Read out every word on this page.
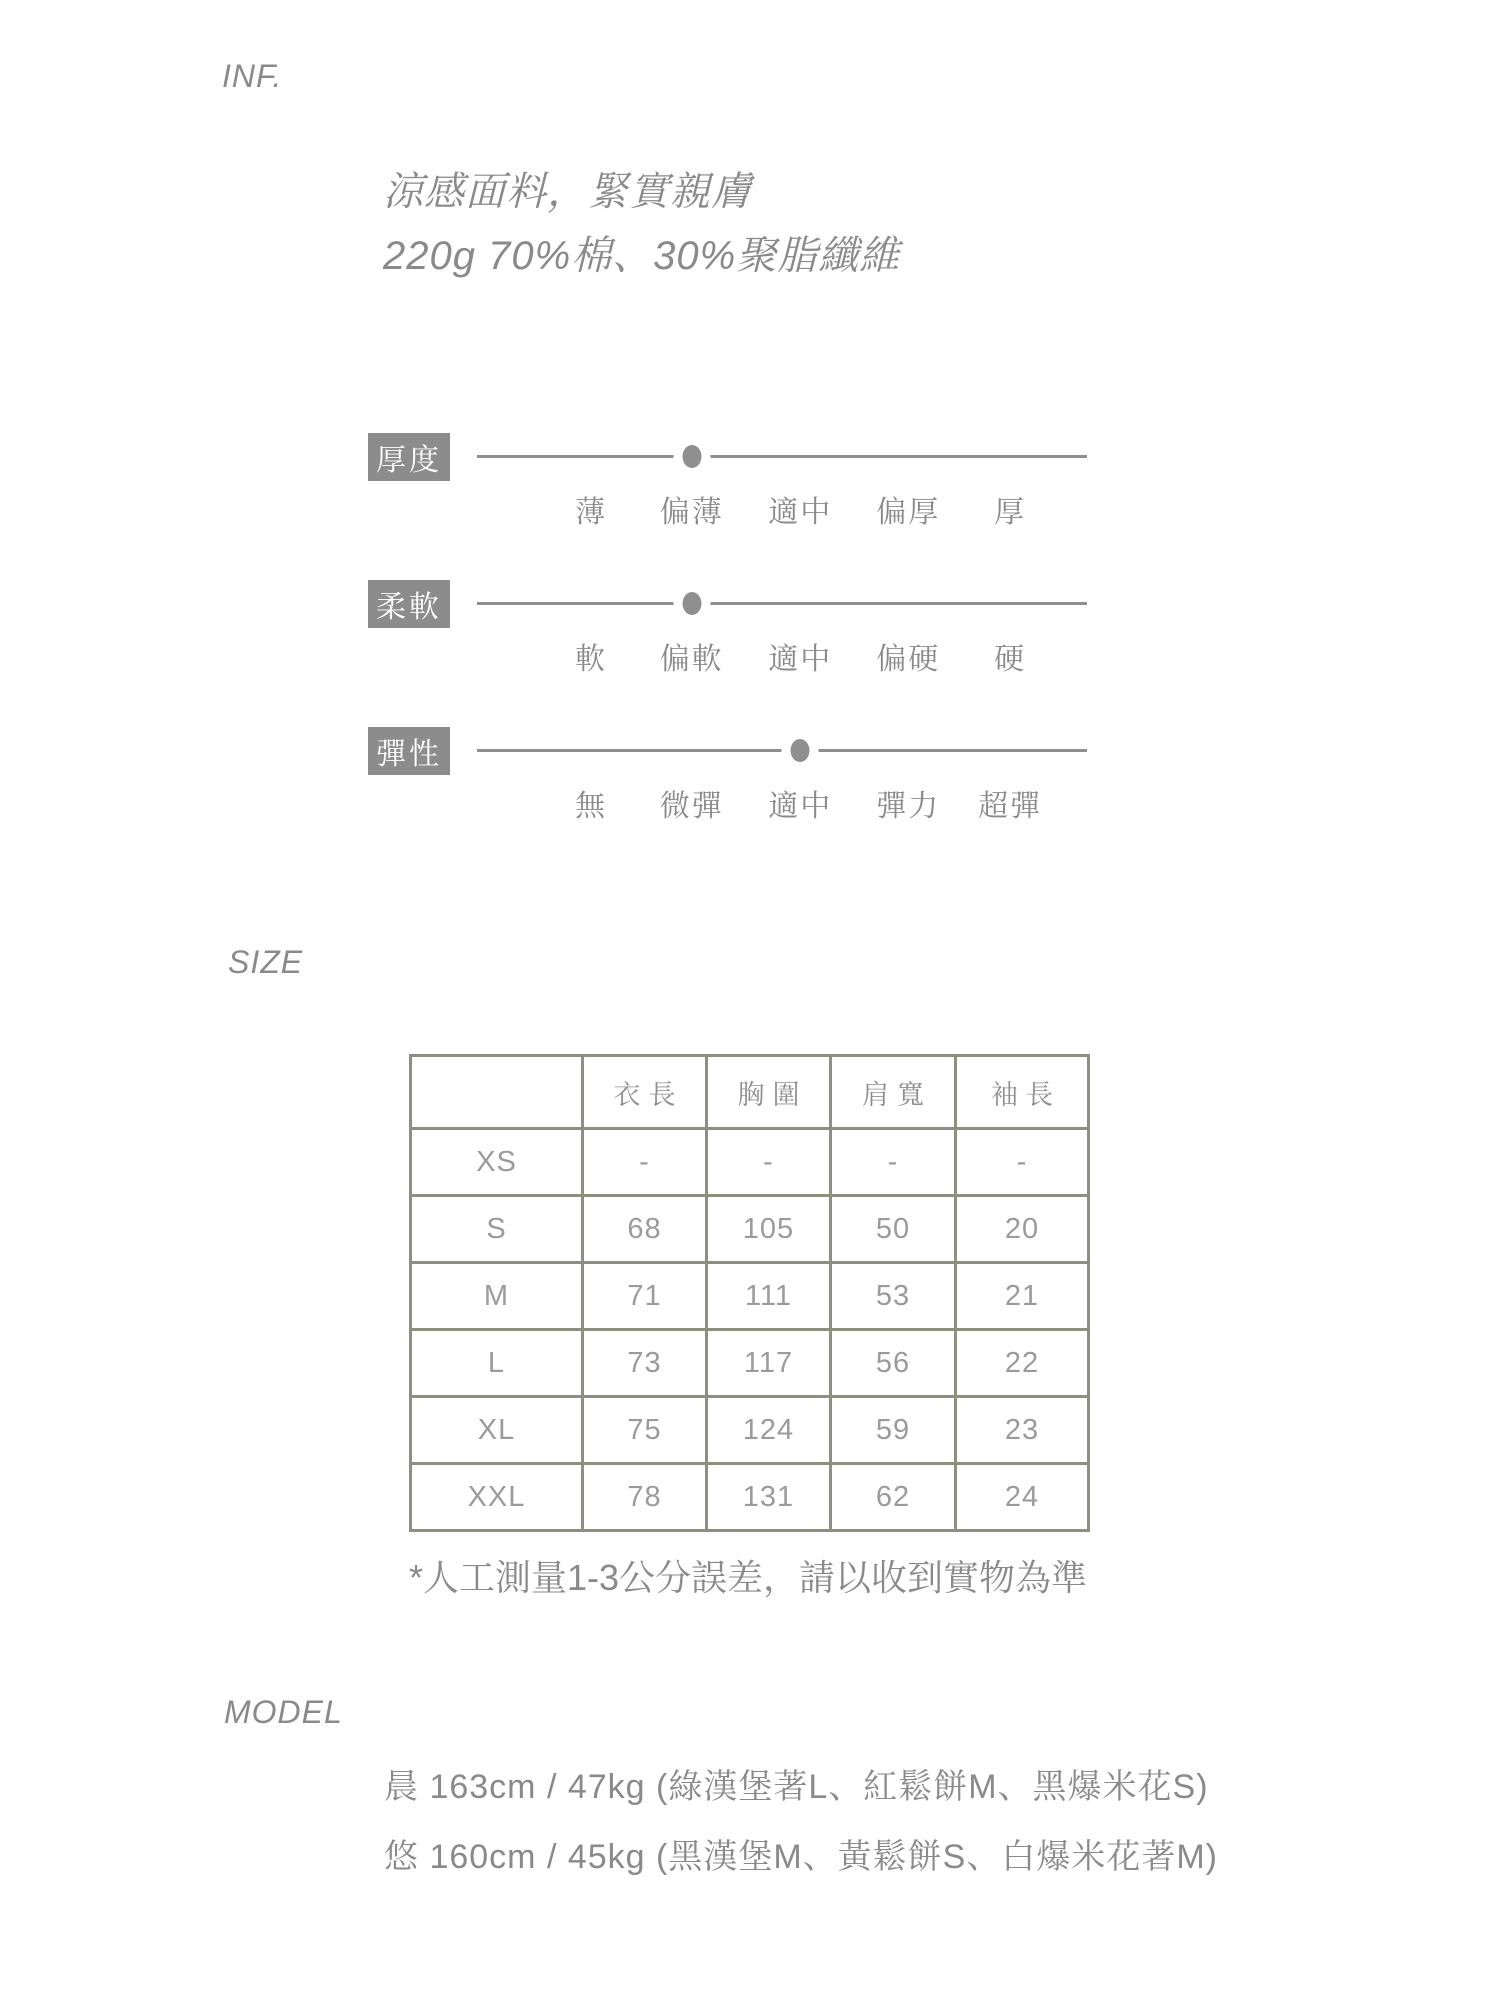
INF.
涼感面料，緊實親膚
220g 70%棉、30%聚脂纖維
厚度
薄 偏薄 適中 偏厚 厚
柔軟
軟 偏軟 適中 偏硬 硬
彈性
無 微彈 適中 彈力 超彈
SIZE
	衣長	胸圍	肩寬	袖長
XS	-	-	-	-
S	68	105	50	20
M	71	111	53	21
L	73	117	56	22
XL	75	124	59	23
XXL	78	131	62	24
*人工測量1-3公分誤差，請以收到實物為準
MODEL
晨 163cm / 47kg (綠漢堡著L、紅鬆餅M、黑爆米花S)
悠 160cm / 45kg (黑漢堡M、黃鬆餅S、白爆米花著M)
